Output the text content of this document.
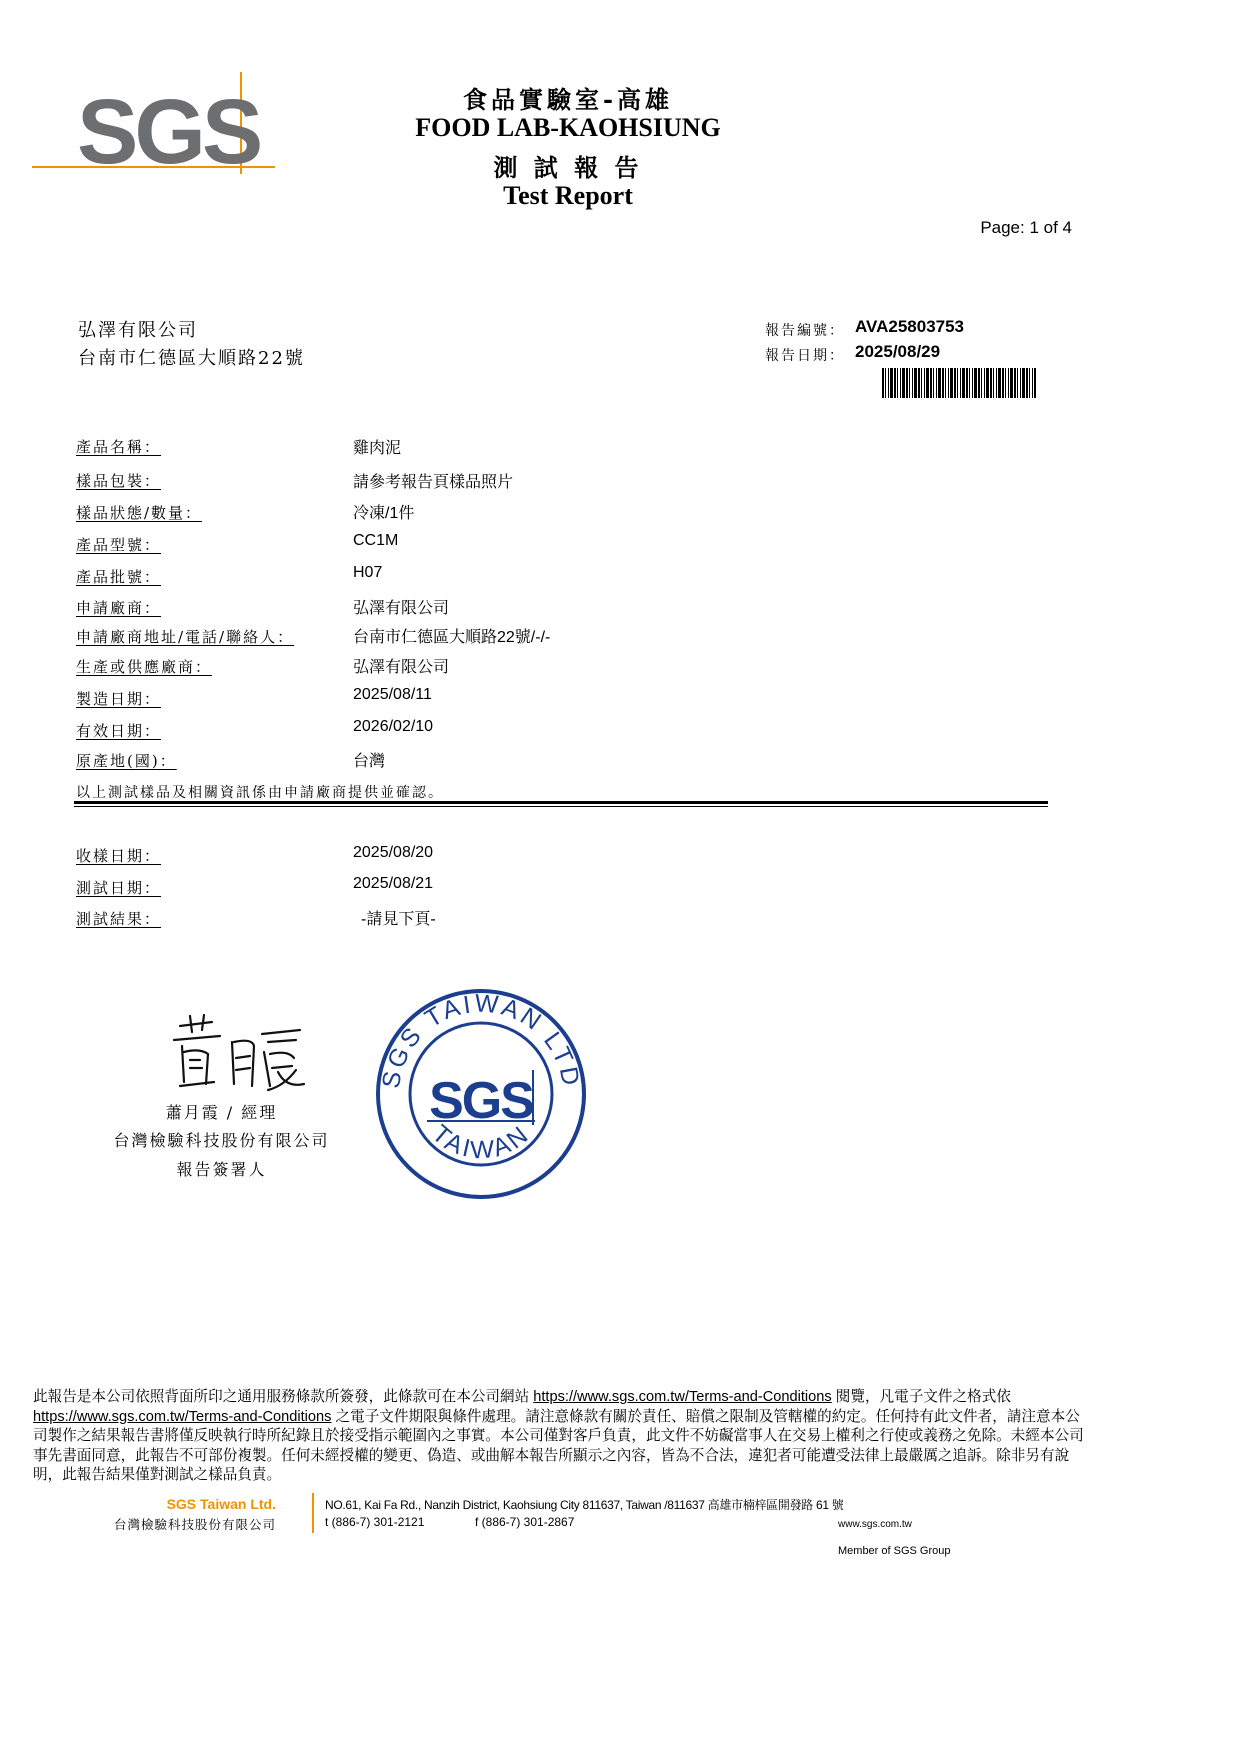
SGS	食品實驗室-高雄
FOOD LAB-KAOHSIUNG
測 試 報 告
Test Report
Page: 1 of 4
弘澤有限公司
台南市仁德區大順路22號
報告編號： AVA25803753
報告日期： 2025/08/29
產品名稱：	雞肉泥
樣品包裝：	請參考報告頁樣品照片
樣品狀態/數量：	冷凍/1件
產品型號：	CC1M
產品批號：	H07
申請廠商：	弘澤有限公司
申請廠商地址/電話/聯絡人：	台南市仁德區大順路22號/-/-
生產或供應廠商：	弘澤有限公司
製造日期：	2025/08/11
有效日期：	2026/02/10
原產地(國)：	台灣
以上測試樣品及相關資訊係由申請廠商提供並確認。
收樣日期：	2025/08/20
測試日期：	2025/08/21
測試結果：	-請見下頁-
蕭月霞 / 經理
台灣檢驗科技股份有限公司
報告簽署人
SGS TAIWAN LTD
TAIWAN
SGS
此報告是本公司依照背面所印之通用服務條款所簽發，此條款可在本公司網站 https://www.sgs.com.tw/Terms-and-Conditions 閱覽，凡電子文件之格式依https://www.sgs.com.tw/Terms-and-Conditions 之電子文件期限與條件處理。請注意條款有關於責任、賠償之限制及管轄權的約定。任何持有此文件者，請注意本公司製作之結果報告書將僅反映執行時所紀錄且於接受指示範圍內之事實。本公司僅對客戶負責，此文件不妨礙當事人在交易上權利之行使或義務之免除。未經本公司事先書面同意，此報告不可部份複製。任何未經授權的變更、偽造、或曲解本報告所顯示之內容，皆為不合法，違犯者可能遭受法律上最嚴厲之追訴。除非另有說明，此報告結果僅對測試之樣品負責。
SGS Taiwan Ltd.
台灣檢驗科技股份有限公司
NO.61, Kai Fa Rd., Nanzih District, Kaohsiung City 811637, Taiwan /811637 高雄市楠梓區開發路 61 號
t (886-7) 301-2121	f (886-7) 301-2867	www.sgs.com.tw
Member of SGS Group
